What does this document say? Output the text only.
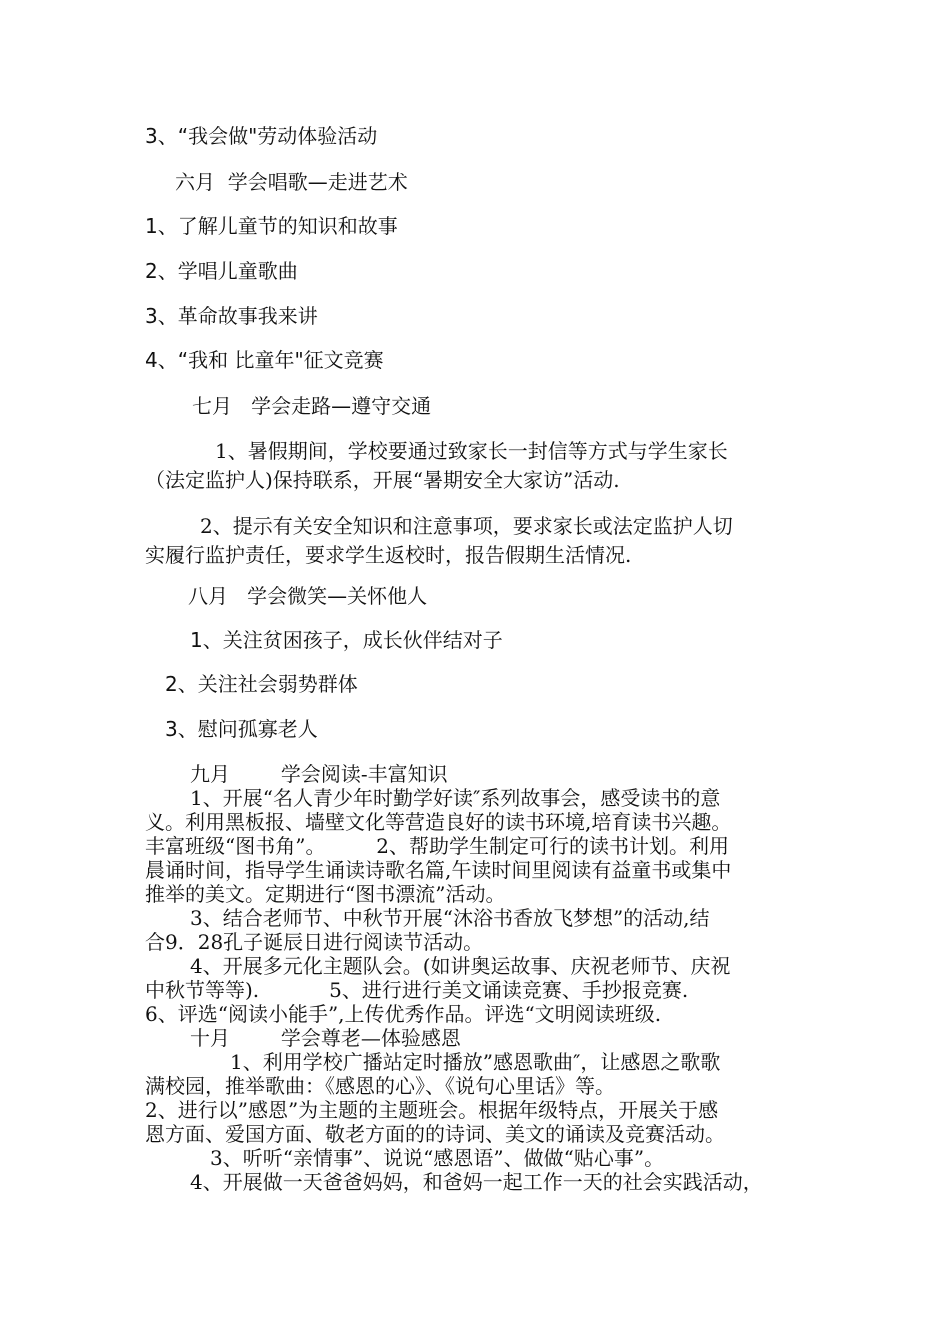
3、“我会做"劳动体验活动
六月  学会唱歌—走进艺术
1、了解儿童节的知识和故事
2、学唱儿童歌曲
3、革命故事我来讲
4、“我和 比童年"征文竞赛
七月   学会走路—遵守交通
1、暑假期间，学校要通过致家长一封信等方式与学生家长
（法定监护人)保持联系，开展“暑期安全大家访”活动.
2、提示有关安全知识和注意事项，要求家长或法定监护人切
实履行监护责任，要求学生返校时，报告假期生活情况.
八月   学会微笑—关怀他人
1、关注贫困孩子，成长伙伴结对子
2、关注社会弱势群体
3、慰问孤寡老人
九月        学会阅读-丰富知识
1、开展“名人青少年时勤学好读″系列故事会，感受读书的意
义。利用黑板报、墙壁文化等营造良好的读书环境,培育读书兴趣。
丰富班级“图书角”。        2、帮助学生制定可行的读书计划。利用
晨诵时间，指导学生诵读诗歌名篇,午读时间里阅读有益童书或集中
推举的美文。定期进行“图书漂流”活动。
3、结合老师节、中秋节开展“沐浴书香放飞梦想”的活动,结
合9．28孔子诞辰日进行阅读节活动。
4、开展多元化主题队会。(如讲奥运故事、庆祝老师节、庆祝
中秋节等等).           5、进行进行美文诵读竞赛、手抄报竞赛.
6、评选“阅读小能手”,上传优秀作品。评选“文明阅读班级.
十月        学会尊老—体验感恩
1、利用学校广播站定时播放”感恩歌曲″，让感恩之歌歌
满校园，推举歌曲：《感恩的心》、《说句心里话》等。
2、进行以”感恩”为主题的主题班会。根据年级特点，开展关于感
恩方面、爱国方面、敬老方面的的诗词、美文的诵读及竞赛活动。
3、听听“亲情事”、说说“感恩语”、做做“贴心事”。
4、开展做一天爸爸妈妈，和爸妈一起工作一天的社会实践活动，
